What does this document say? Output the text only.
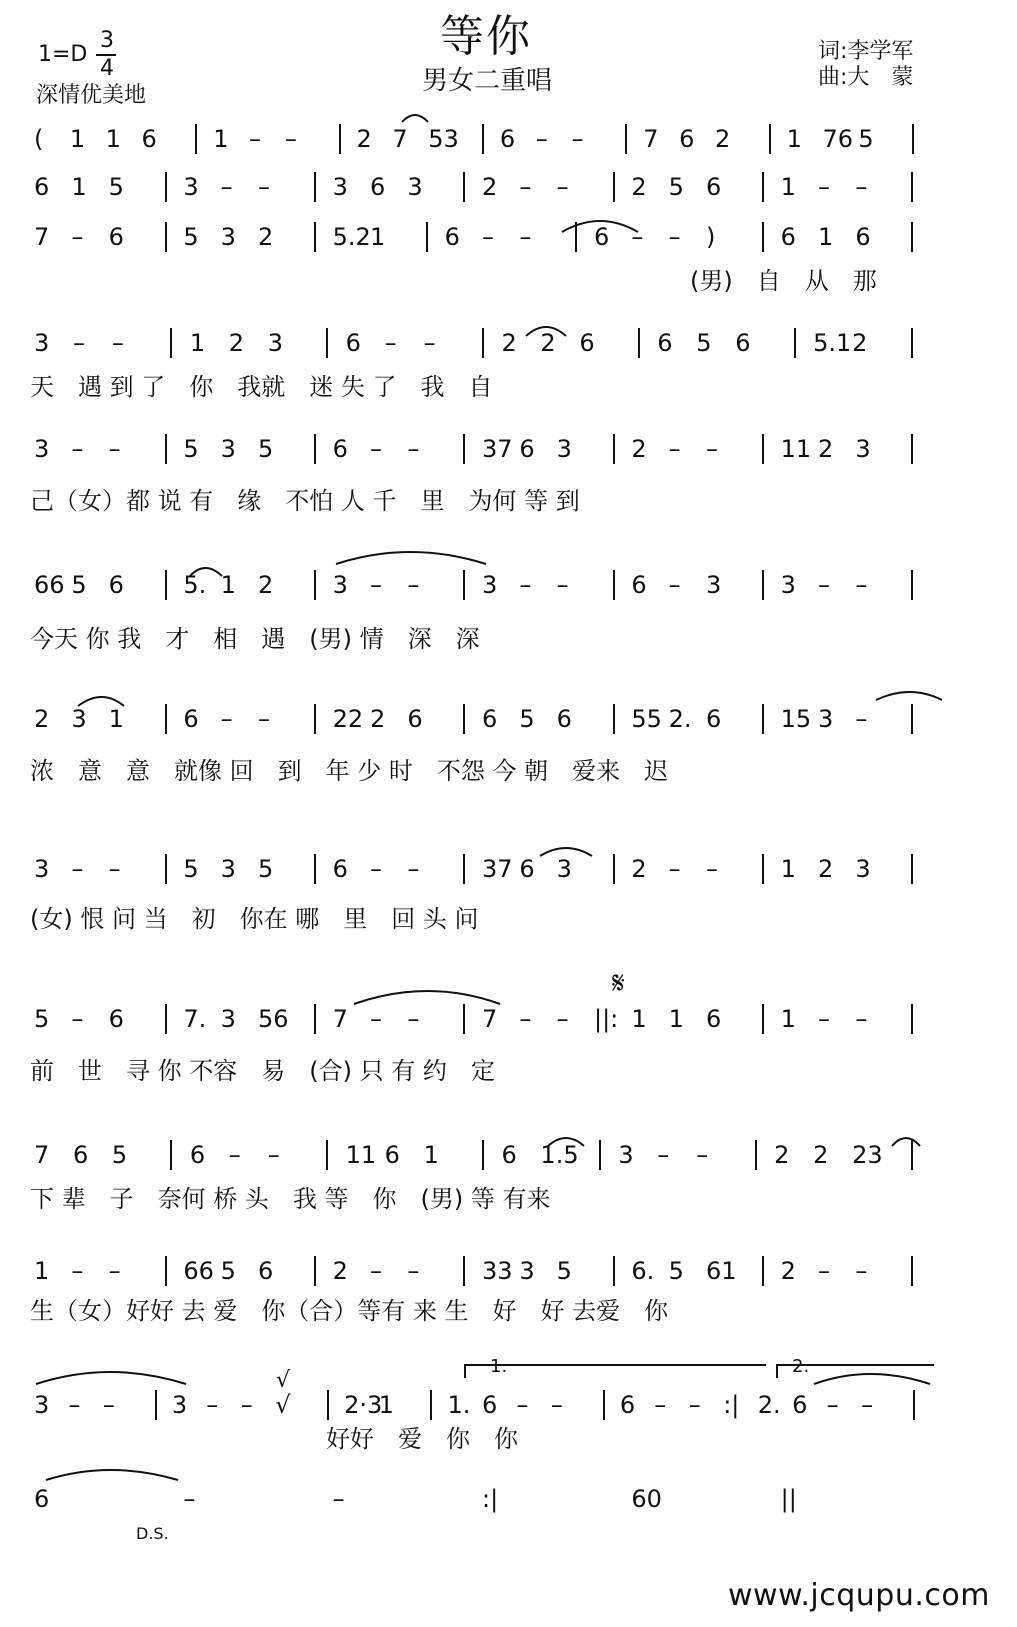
等你
男女二重唱
1=D
3
4
深情优美地
词:李学军
曲:大　蒙
( 1 1 6 1 – – 2 7 53 6 – – 7 6 2 1 76 5
6 1 5 3 – –	3 6 3 2 – –	2 5 6 1 – –
7 – 6 5 3 2 5.2 1 6 – –	6 – – )	6 1 6
(男)　自　从　那
3 – –	1 2 3	6 – –	2 2 6	6 5 6	5.1 2
天　遇 到 了　你　我就　迷 失 了　我　自
3 – –	5 3 5 6 – –	37 6 3 2 – –	11 2 3
己（女）都 说 有　缘　不怕 人 千　里　为何 等 到
66 5 6 5. 1 2 3 – –	3 – –	6 – 3 3 – –
今天 你 我　才　相　遇　(男) 情　深　深
2 3 1 6 – –	22 2 6 6 5 6 55 2. 6 15 3 –
浓　意　意　就像 回　到　年 少 时　不怨 今 朝　爱来　迟
3 – –	5 3 5 6 – –	37 6 3 2 – –	1 2 3
(女) 恨 问 当　初　你在 哪　里　回 头 问
5 – 6 7. 3 56 7 – –	7 – – ||: 1 1 6 1 – –
前　世　寻 你 不容　易　(合) 只 有 约　定
7 6 5	6 – –	11 6 1	6 1.5 3 – –	2 2 23
下 辈　子　奈何 桥 头　我 等　你　(男) 等 有来
1 – –	66 5 6 2 – –	33 3 5 6. 5 61 2 – –
生（女）好好 去 爱　你（合）等有 来 生　好　好 去爱　你
3 – – 3 – – √ 2·3
1 1. 6 – – 6 – – :| 2. 6 – –
好好　爱　你　你
6	–	–	:|	60	||
𝄋
√
1.	2.
D.S.
www.jcqupu.com
